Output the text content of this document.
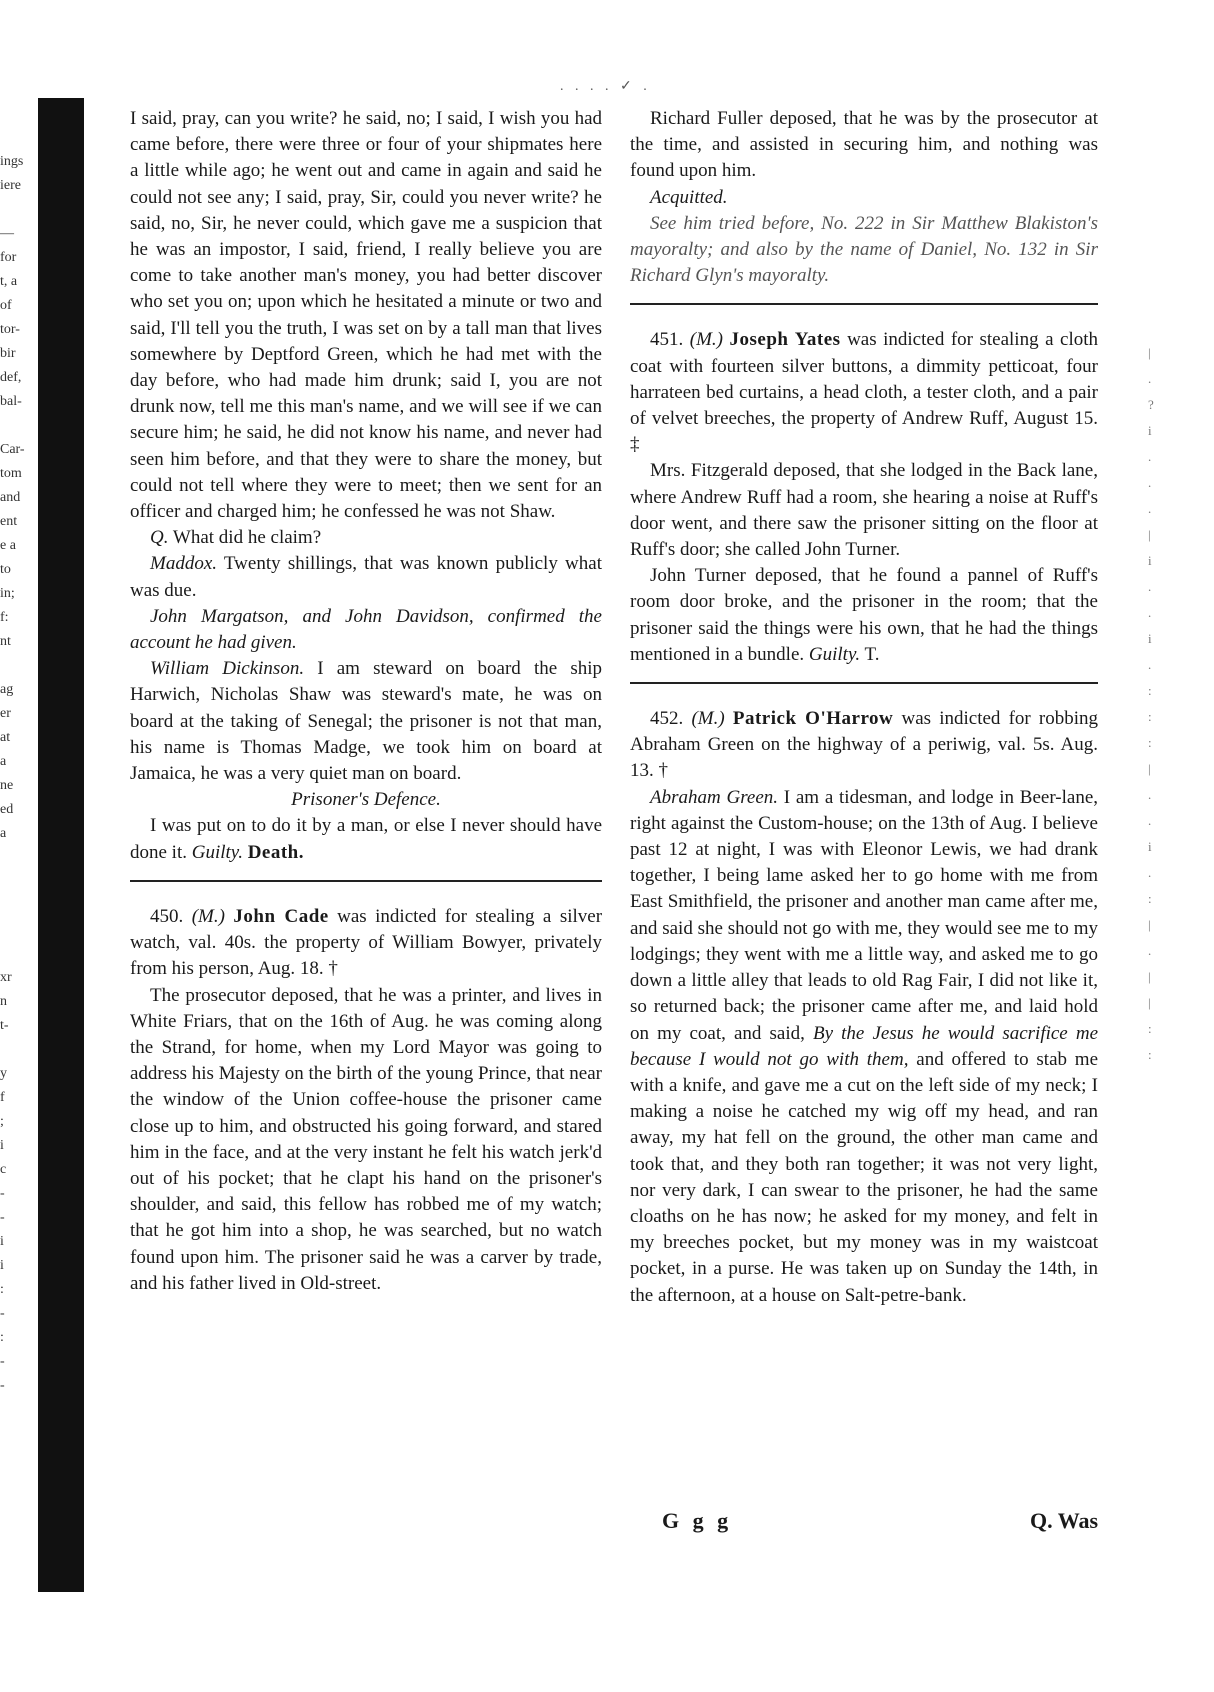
. . . . ✓ .
ings
iere
—
for
t, a
of
tor-
bir
def,
bal-
Car-
tom
and
ent
e a
to
in;
f:
nt
ag
er
at
a
ne
ed
a
xr
n
t-
y
f
;
i
c
-
-
i
i
:
-
:
-
-
|
.
?
i
.
.
.
|
i
.
.
i
.
:
:
:
|
.
.
i
.
:
|
.
|
|
:
:

I said, pray, can you write? he said, no; I said, I wish you had came before, there were three or four of your shipmates here a little while ago; he went out and came in again and said he could not see any; I said, pray, Sir, could you never write? he said, no, Sir, he never could, which gave me a suspicion that he was an impostor, I said, friend, I really believe you are come to take another man's money, you had better discover who set you on; upon which he hesitated a minute or two and said, I'll tell you the truth, I was set on by a tall man that lives somewhere by Deptford Green, which he had met with the day before, who had made him drunk; said I, you are not drunk now, tell me this man's name, and we will see if we can secure him; he said, he did not know his name, and never had seen him before, and that they were to share the money, but could not tell where they were to meet; then we sent for an officer and charged him; he confessed he was not Shaw.

Q. What did he claim?

Maddox. Twenty shillings, that was known publicly what was due.

John Margatson, and John Davidson, confirmed the account he had given.

William Dickinson. I am steward on board the ship Harwich, Nicholas Shaw was steward's mate, he was on board at the taking of Senegal; the prisoner is not that man, his name is Thomas Madge, we took him on board at Jamaica, he was a very quiet man on board.

Prisoner's Defence.

I was put on to do it by a man, or else I never should have done it. Guilty. Death.

450. (M.) John Cade was indicted for stealing a silver watch, val. 40s. the property of William Bowyer, privately from his person, Aug. 18. †

The prosecutor deposed, that he was a printer, and lives in White Friars, that on the 16th of Aug. he was coming along the Strand, for home, when my Lord Mayor was going to address his Majesty on the birth of the young Prince, that near the window of the Union coffee-house the prisoner came close up to him, and obstructed his going forward, and stared him in the face, and at the very instant he felt his watch jerk'd out of his pocket; that he clapt his hand on the prisoner's shoulder, and said, this fellow has robbed me of my watch; that he got him into a shop, he was searched, but no watch found upon him. The prisoner said he was a carver by trade, and his father lived in Old-street.

Richard Fuller deposed, that he was by the prosecutor at the time, and assisted in securing him, and nothing was found upon him.

Acquitted.

See him tried before, No. 222 in Sir Matthew Blakiston's mayoralty; and also by the name of Daniel, No. 132 in Sir Richard Glyn's mayoralty.

451. (M.) Joseph Yates was indicted for stealing a cloth coat with fourteen silver buttons, a dimmity petticoat, four harrateen bed curtains, a head cloth, a tester cloth, and a pair of velvet breeches, the property of Andrew Ruff, August 15. ‡

Mrs. Fitzgerald deposed, that she lodged in the Back lane, where Andrew Ruff had a room, she hearing a noise at Ruff's door went, and there saw the prisoner sitting on the floor at Ruff's door; she called John Turner.

John Turner deposed, that he found a pannel of Ruff's room door broke, and the prisoner in the room; that the prisoner said the things were his own, that he had the things mentioned in a bundle. Guilty. T.

452. (M.) Patrick O'Harrow was indicted for robbing Abraham Green on the highway of a periwig, val. 5s. Aug. 13. †

Abraham Green. I am a tidesman, and lodge in Beer-lane, right against the Custom-house; on the 13th of Aug. I believe past 12 at night, I was with Eleonor Lewis, we had drank together, I being lame asked her to go home with me from East Smithfield, the prisoner and another man came after me, and said she should not go with me, they would see me to my lodgings; they went with me a little way, and asked me to go down a little alley that leads to old Rag Fair, I did not like it, so returned back; the prisoner came after me, and laid hold on my coat, and said, By the Jesus he would sacrifice me because I would not go with them, and offered to stab me with a knife, and gave me a cut on the left side of my neck; I making a noise he catched my wig off my head, and ran away, my hat fell on the ground, the other man came and took that, and they both ran together; it was not very light, nor very dark, I can swear to the prisoner, he had the same cloaths on he has now; he asked for my money, and felt in my breeches pocket, but my money was in my waistcoat pocket, in a purse. He was taken up on Sunday the 14th, in the afternoon, at a house on Salt-petre-bank.

G g g	Q. Was
